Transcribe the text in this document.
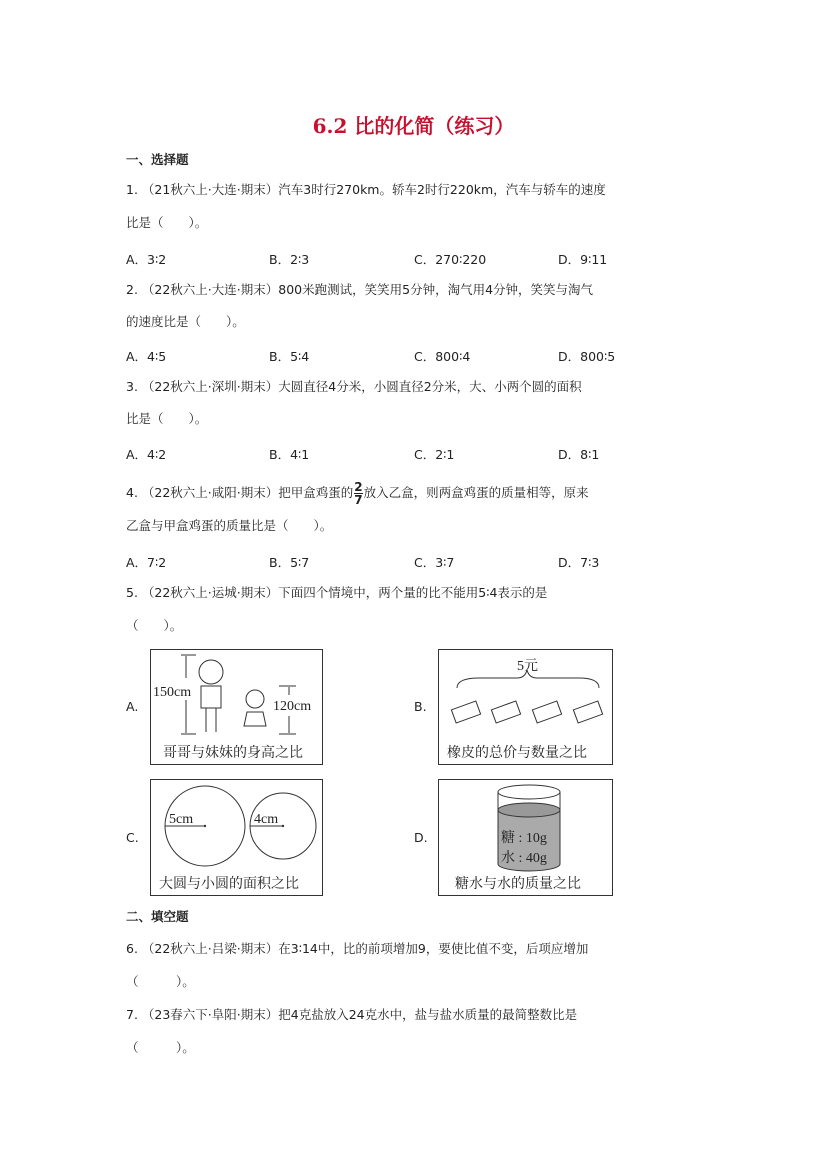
6.2 比的化简（练习）
一、选择题
1. （21秋六上·大连·期末）汽车3时行270km。轿车2时行220km，汽车与轿车的速度
比是（　　）。
A．3∶2	B．2∶3	C．270∶220	D．9∶11
2. （22秋六上·大连·期末）800米跑测试，笑笑用5分钟，淘气用4分钟，笑笑与淘气
的速度比是（　　）。
A．4∶5	B．5∶4	C．800∶4	D．800∶5
3. （22秋六上·深圳·期末）大圆直径4分米，小圆直径2分米，大、小两个圆的面积
比是（　　）。
A．4∶2	B．4∶1	C．2∶1	D．8∶1
4. （22秋六上·咸阳·期末）把甲盒鸡蛋的 $\frac{2}{7}$ 放入乙盒，则两盒鸡蛋的质量相等，原来
乙盒与甲盒鸡蛋的质量比是（　　）。
A．7∶2	B．5∶7	C．3∶7	D．7∶3
5. （22秋六上·运城·期末）下面四个情境中，两个量的比不能用5∶4表示的是
（　　）。
A.
150cm
120cm
哥哥与妹妹的身高之比
B.
5元
橡皮的总价与数量之比
C.
5cm	4cm
大圆与小圆的面积之比
D.	糖 : 10g
水 : 40g
糖水与水的质量之比
二、填空题
6. （22秋六上·吕梁·期末）在3∶14中，比的前项增加9，要使比值不变，后项应增加
（　　　）。
7. （23春六下·阜阳·期末）把4克盐放入24克水中，盐与盐水质量的最简整数比是
（　　　）。
